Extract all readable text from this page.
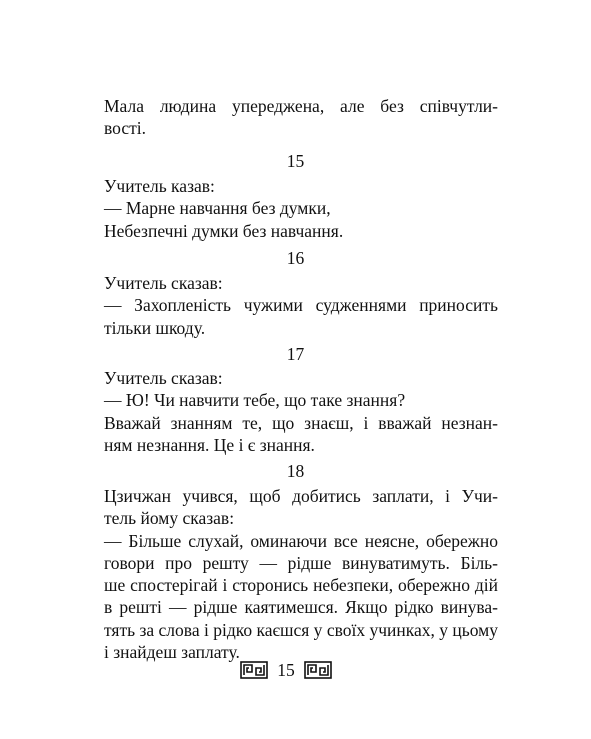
Мала людина упереджена, але без співчутли-
вості.
15
Учитель казав:
— Марне навчання без думки,
Небезпечні думки без навчання.
16
Учитель сказав:
— Захопленість чужими судженнями приносить
тільки шкоду.
17
Учитель сказав:
— Ю! Чи навчити тебе, що таке знання?
Вважай знанням те, що знаєш, і вважай незнан-
ням незнання. Це і є знання.
18
Цзичжан учився, щоб добитись заплати, і Учи-
тель йому сказав:
— Більше слухай, оминаючи все неясне, обережно
говори про решту — рідше винуватимуть. Біль-
ше спостерігай і сторонись небезпеки, обережно дій
в решті — рідше каятимешся. Якщо рідко винува-
тять за слова і рідко каєшся у своїх учинках, у цьому
і знайдеш заплату.
15
